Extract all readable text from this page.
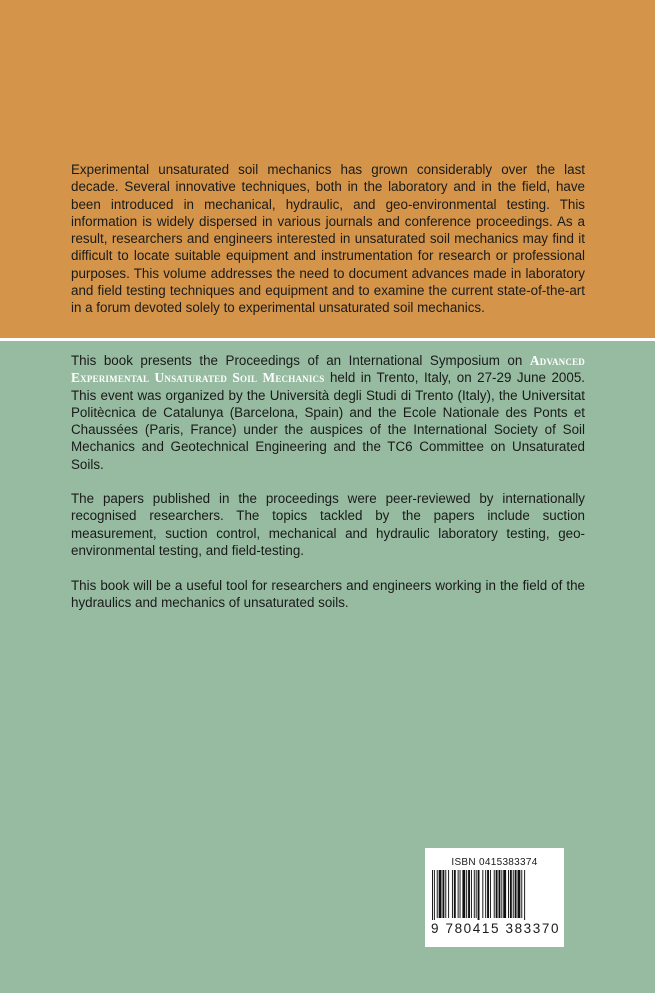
Experimental unsaturated soil mechanics has grown considerably over the last decade. Several innovative techniques, both in the laboratory and in the field, have been introduced in mechanical, hydraulic, and geo-environmental testing. This information is widely dispersed in various journals and conference proceedings. As a result, researchers and engineers interested in unsaturated soil mechanics may find it difficult to locate suitable equipment and instrumentation for research or professional purposes. This volume addresses the need to document advances made in laboratory and field testing techniques and equipment and to examine the current state-of-the-art in a forum devoted solely to experimental unsaturated soil mechanics.

This book presents the Proceedings of an International Symposium on Advanced Experimental Unsaturated Soil Mechanics held in Trento, Italy, on 27-29 June 2005. This event was organized by the Università degli Studi di Trento (Italy), the Universitat Politècnica de Catalunya (Barcelona, Spain) and the Ecole Nationale des Ponts et Chaussées (Paris, France) under the auspices of the International Society of Soil Mechanics and Geotechnical Engineering and the TC6 Committee on Unsaturated Soils.

The papers published in the proceedings were peer-reviewed by internationally recognised researchers. The topics tackled by the papers include suction measurement, suction control, mechanical and hydraulic laboratory testing, geo-environmental testing, and field-testing.

This book will be a useful tool for researchers and engineers working in the field of the hydraulics and mechanics of unsaturated soils.

ISBN 0415383374
9 780415 383370
